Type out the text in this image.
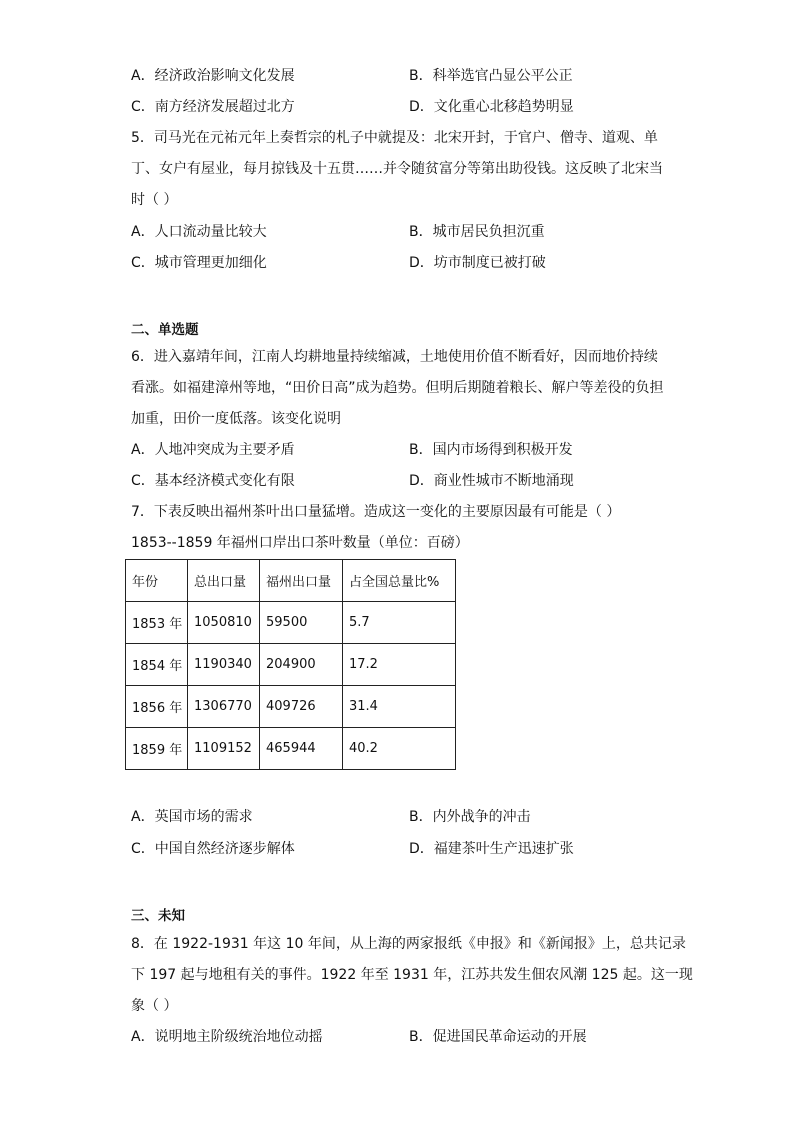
A．经济政治影响文化发展	B．科举选官凸显公平公正
C．南方经济发展超过北方	D．文化重心北移趋势明显
5．司马光在元祐元年上奏哲宗的札子中就提及：北宋开封，于官户、僧寺、道观、单
丁、女户有屋业，每月掠钱及十五贯……并令随贫富分等第出助役钱。这反映了北宋当
时（ ）
A．人口流动量比较大	B．城市居民负担沉重
C．城市管理更加细化	D．坊市制度已被打破
二、单选题
6．进入嘉靖年间，江南人均耕地量持续缩减，土地使用价值不断看好，因而地价持续
看涨。如福建漳州等地，“田价日高”成为趋势。但明后期随着粮长、解户等差役的负担
加重，田价一度低落。该变化说明
A．人地冲突成为主要矛盾	B．国内市场得到积极开发
C．基本经济模式变化有限	D．商业性城市不断地涌现
7．下表反映出福州茶叶出口量猛增。造成这一变化的主要原因最有可能是（ ）
1853--1859 年福州口岸出口茶叶数量（单位：百磅）
年份	总出口量	福州出口量	占全国总量比%
1853 年	1050810	59500	5.7
1854 年	1190340	204900	17.2
1856 年	1306770	409726	31.4
1859 年	1109152	465944	40.2
A．英国市场的需求	B．内外战争的冲击
C．中国自然经济逐步解体	D．福建茶叶生产迅速扩张
三、未知
8．在 1922-1931 年这 10 年间，从上海的两家报纸《申报》和《新闻报》上，总共记录
下 197 起与地租有关的事件。1922 年至 1931 年，江苏共发生佃农风潮 125 起。这一现
象（ ）
A．说明地主阶级统治地位动摇	B．促进国民革命运动的开展
